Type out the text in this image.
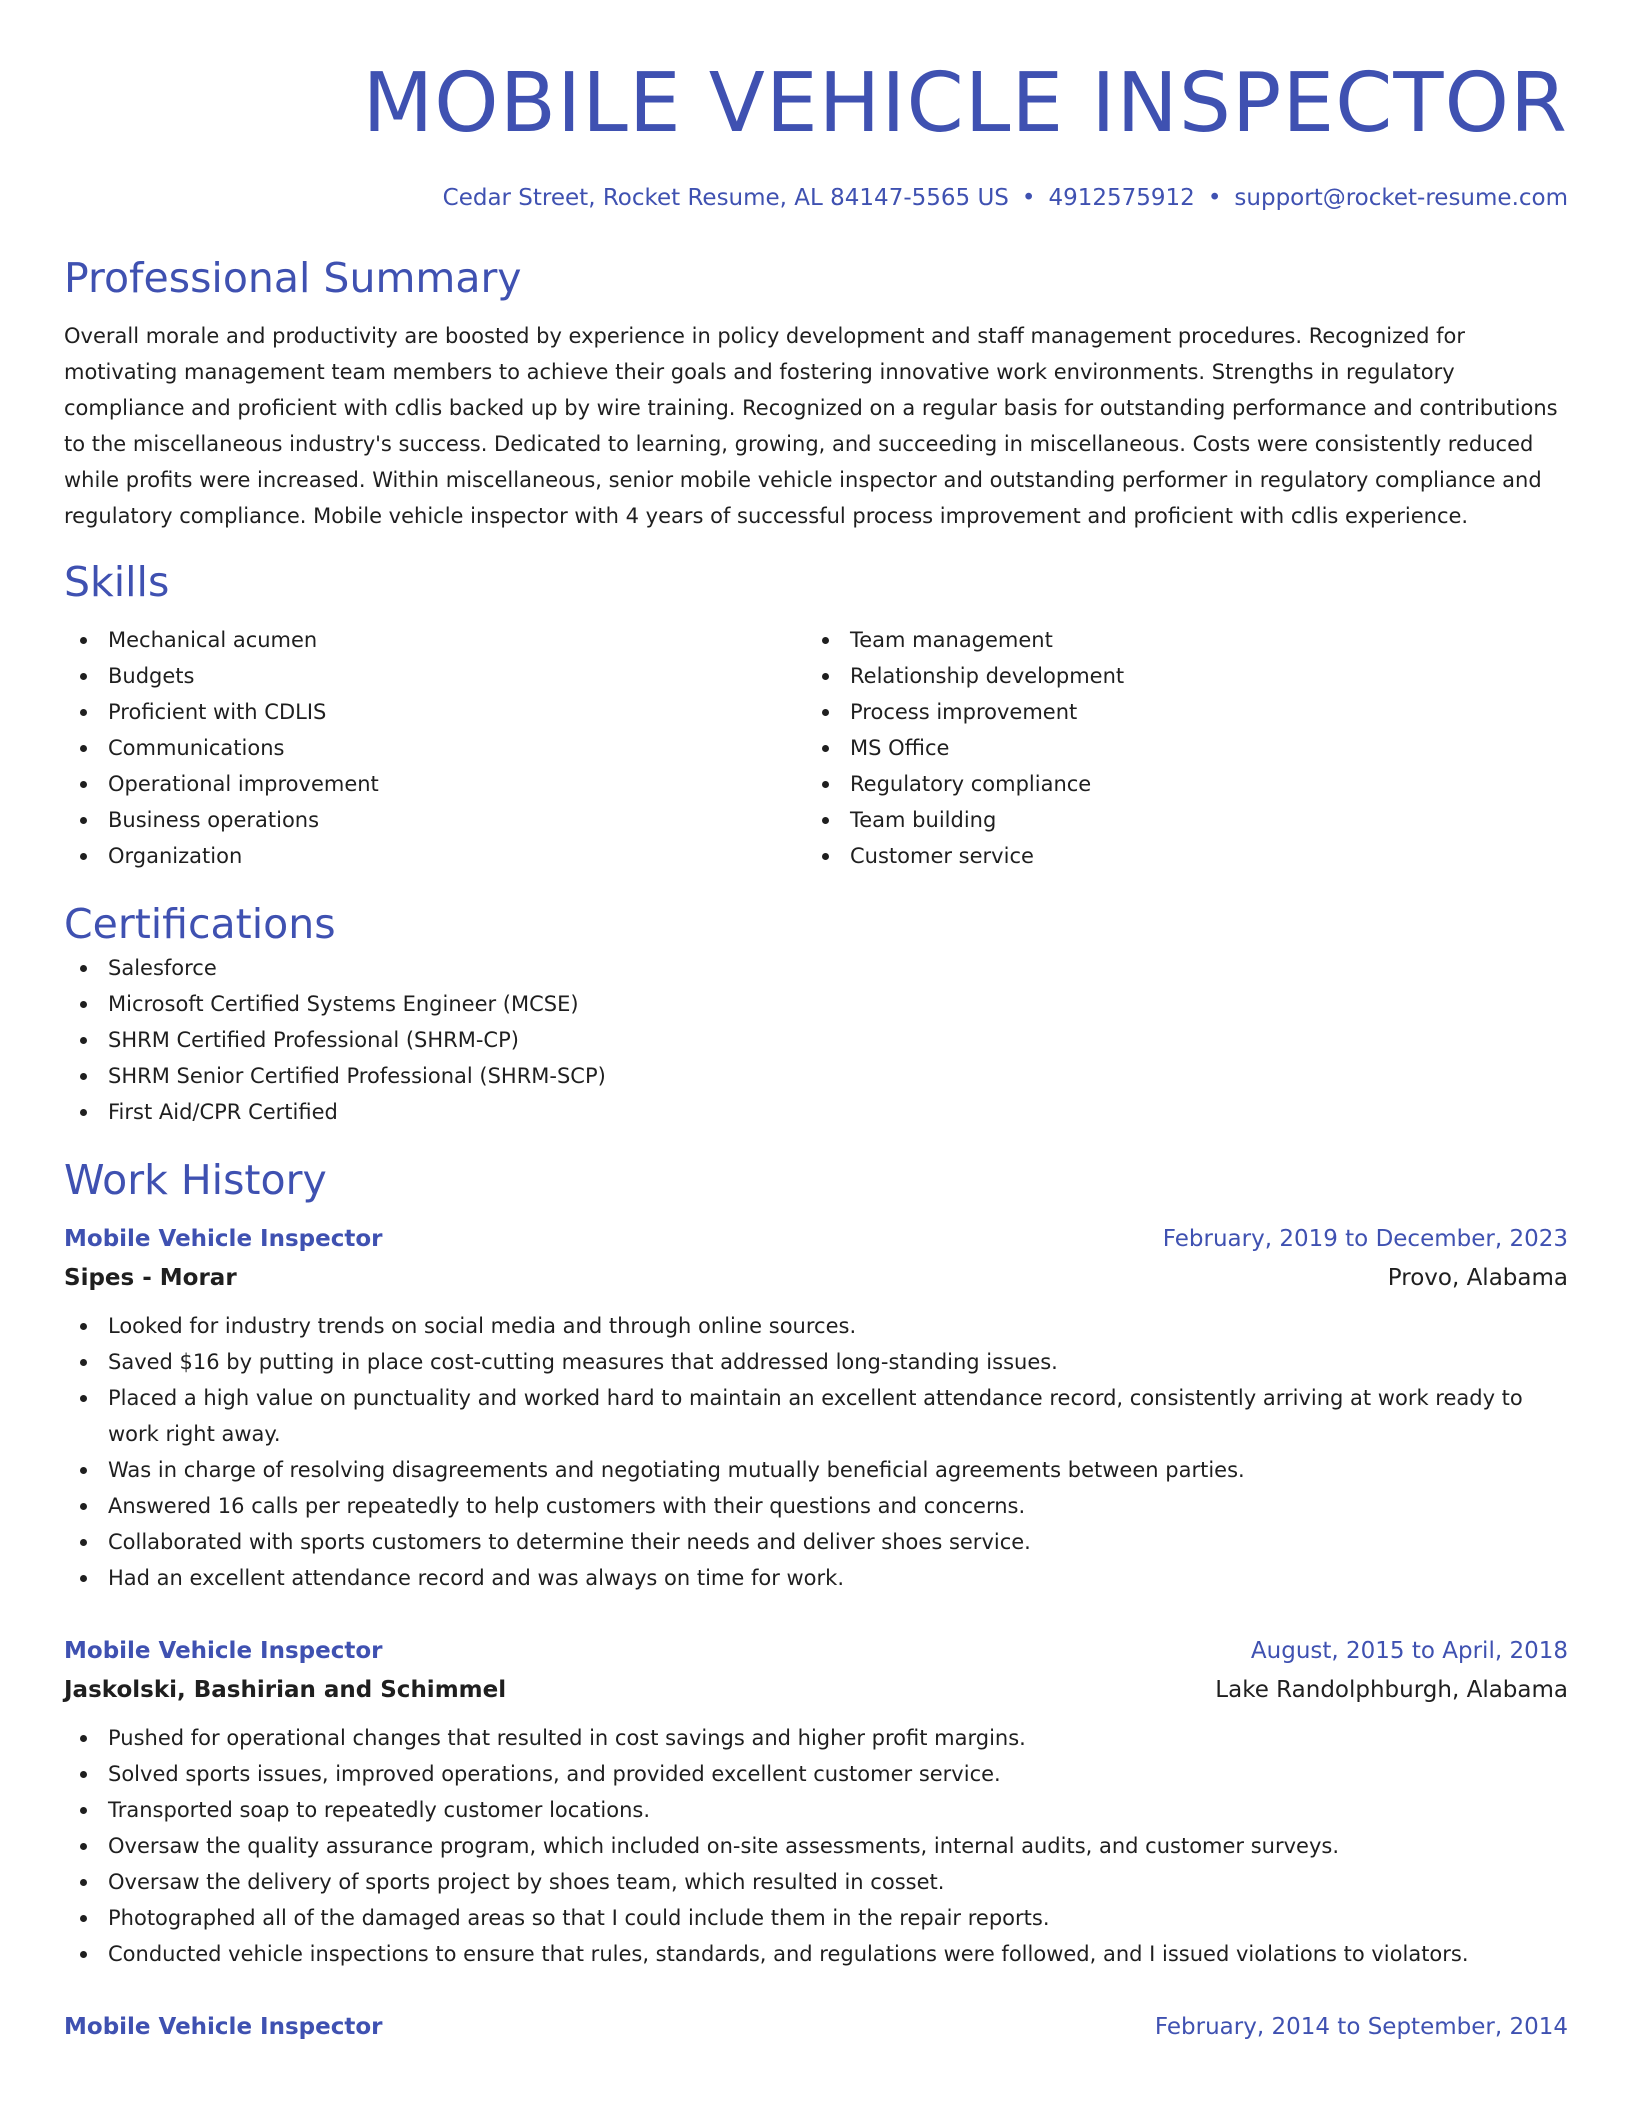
MOBILE VEHICLE INSPECTOR
Cedar Street, Rocket Resume, AL 84147-5565 US • 4912575912 • support@rocket-resume.com
Professional Summary
Overall morale and productivity are boosted by experience in policy development and staff management procedures. Recognized for motivating management team members to achieve their goals and fostering innovative work environments. Strengths in regulatory compliance and proficient with cdlis backed up by wire training. Recognized on a regular basis for outstanding performance and contributions to the miscellaneous industry's success. Dedicated to learning, growing, and succeeding in miscellaneous. Costs were consistently reduced while profits were increased. Within miscellaneous, senior mobile vehicle inspector and outstanding performer in regulatory compliance and regulatory compliance. Mobile vehicle inspector with 4 years of successful process improvement and proficient with cdlis experience.
Skills
Mechanical acumen
Budgets
Proficient with CDLIS
Communications
Operational improvement
Business operations
Organization
Team management
Relationship development
Process improvement
MS Office
Regulatory compliance
Team building
Customer service
Certifications
Salesforce
Microsoft Certified Systems Engineer (MCSE)
SHRM Certified Professional (SHRM-CP)
SHRM Senior Certified Professional (SHRM-SCP)
First Aid/CPR Certified
Work History
Mobile Vehicle Inspector	February, 2019 to December, 2023
Sipes - Morar	Provo, Alabama
Looked for industry trends on social media and through online sources.
Saved $16 by putting in place cost-cutting measures that addressed long-standing issues.
Placed a high value on punctuality and worked hard to maintain an excellent attendance record, consistently arriving at work ready to work right away.
Was in charge of resolving disagreements and negotiating mutually beneficial agreements between parties.
Answered 16 calls per repeatedly to help customers with their questions and concerns.
Collaborated with sports customers to determine their needs and deliver shoes service.
Had an excellent attendance record and was always on time for work.
Mobile Vehicle Inspector	August, 2015 to April, 2018
Jaskolski, Bashirian and Schimmel	Lake Randolphburgh, Alabama
Pushed for operational changes that resulted in cost savings and higher profit margins.
Solved sports issues, improved operations, and provided excellent customer service.
Transported soap to repeatedly customer locations.
Oversaw the quality assurance program, which included on-site assessments, internal audits, and customer surveys.
Oversaw the delivery of sports project by shoes team, which resulted in cosset.
Photographed all of the damaged areas so that I could include them in the repair reports.
Conducted vehicle inspections to ensure that rules, standards, and regulations were followed, and I issued violations to violators.
Mobile Vehicle Inspector	February, 2014 to September, 2014
